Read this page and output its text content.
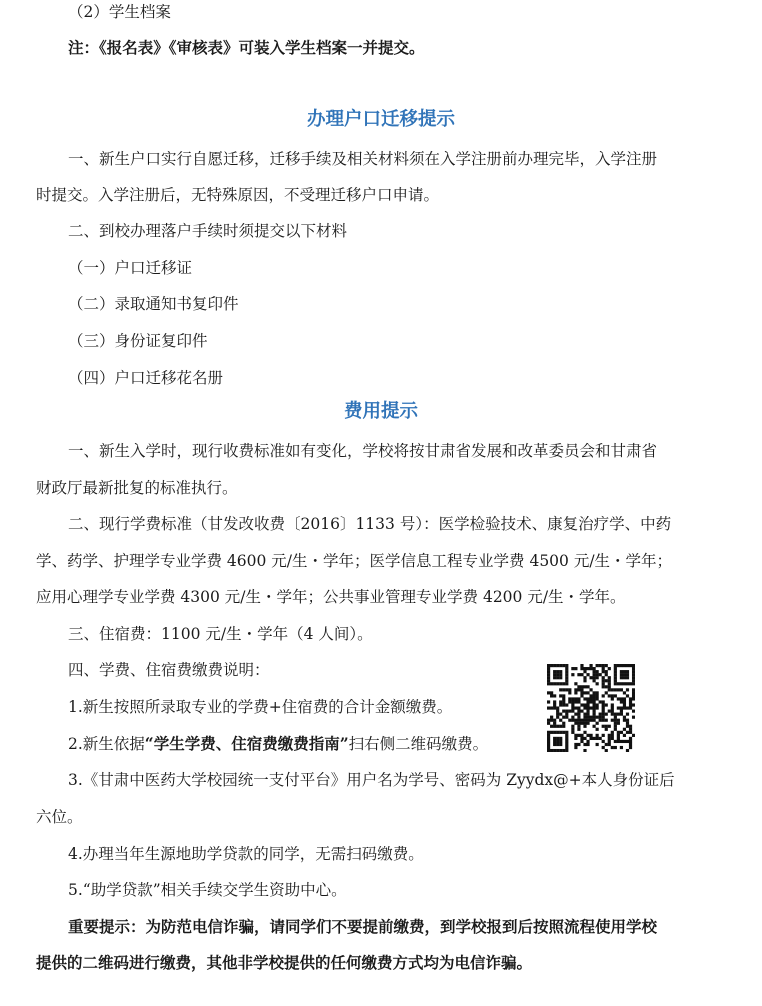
（2）学生档案

注：《报名表》《审核表》可装入学生档案一并提交。

办理户口迁移提示

一、新生户口实行自愿迁移，迁移手续及相关材料须在入学注册前办理完毕，入学注册

时提交。入学注册后，无特殊原因，不受理迁移户口申请。

二、到校办理落户手续时须提交以下材料

（一）户口迁移证

（二）录取通知书复印件

（三）身份证复印件

（四）户口迁移花名册

费用提示

一、新生入学时，现行收费标准如有变化，学校将按甘肃省发展和改革委员会和甘肃省

财政厅最新批复的标准执行。

二、现行学费标准（甘发改收费〔2016〕1133 号）：医学检验技术、康复治疗学、中药

学、药学、护理学专业学费 4600 元/生・学年；医学信息工程专业学费 4500 元/生・学年；

应用心理学专业学费 4300 元/生・学年；公共事业管理专业学费 4200 元/生・学年。

三、住宿费：1100 元/生・学年（4 人间）。

四、学费、住宿费缴费说明：

1.新生按照所录取专业的学费+住宿费的合计金额缴费。

2.新生依据“学生学费、住宿费缴费指南”扫右侧二维码缴费。

3.《甘肃中医药大学校园统一支付平台》用户名为学号、密码为 Zyydx@+本人身份证后

六位。

4.办理当年生源地助学贷款的同学，无需扫码缴费。

5.“助学贷款”相关手续交学生资助中心。

重要提示：为防范电信诈骗，请同学们不要提前缴费，到学校报到后按照流程使用学校

提供的二维码进行缴费，其他非学校提供的任何缴费方式均为电信诈骗。
